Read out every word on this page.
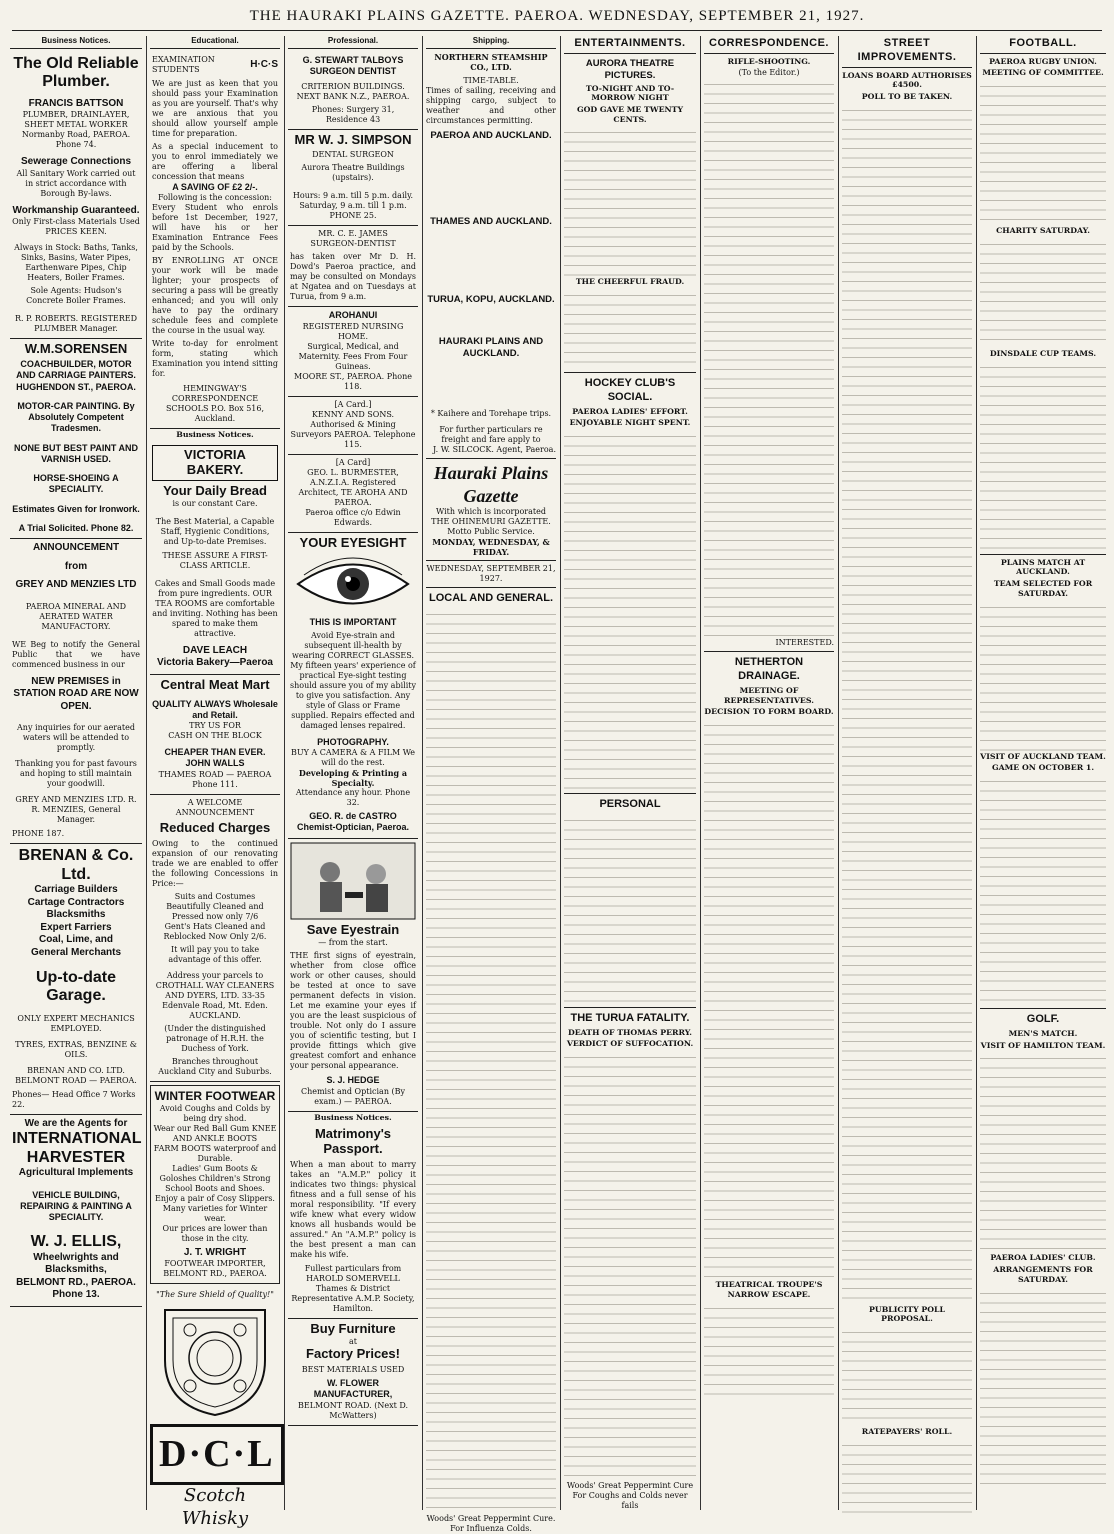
THE HAURAKI PLAINS GAZETTE. PAEROA. WEDNESDAY, SEPTEMBER 21, 1927.
Business Notices.
The Old Reliable Plumber.
FRANCIS BATTSON
PLUMBER, DRAINLAYER, SHEET METAL WORKER
Normanby Road, PAEROA. Phone 74.
Sewerage Connections
All Sanitary Work carried out in strict accordance with Borough By-laws.
Workmanship Guaranteed.
Only First-class Materials Used PRICES KEEN.
Always in Stock: Baths, Tanks, Sinks, Basins, Water Pipes, Earthenware Pipes, Chip Heaters, Boiler Frames.
Sole Agents: Hudson's Concrete Boiler Frames.
R. P. ROBERTS. REGISTERED PLUMBER Manager.
W.M.SORENSEN
COACHBUILDER, MOTOR AND CARRIAGE PAINTERS. HUGHENDON ST., PAEROA.
MOTOR-CAR PAINTING. By Absolutely Competent Tradesmen.
NONE BUT BEST PAINT AND VARNISH USED.
HORSE-SHOEING A SPECIALITY.
Estimates Given for Ironwork.
A Trial Solicited. Phone 82.
ANNOUNCEMENT
from
GREY AND MENZIES LTD
PAEROA MINERAL AND AERATED WATER MANUFACTORY.
WE Beg to notify the General Public that we have commenced business in our
NEW PREMISES in STATION ROAD ARE NOW OPEN.
Any inquiries for our aerated waters will be attended to promptly.
Thanking you for past favours and hoping to still maintain your goodwill.
GREY AND MENZIES LTD. R. R. MENZIES, General Manager.
PHONE 187.
BRENAN & Co. Ltd.
Carriage Builders
Cartage Contractors
Blacksmiths
Expert Farriers
Coal, Lime, and
General Merchants
Up-to-date Garage.
ONLY EXPERT MECHANICS EMPLOYED.
TYRES, EXTRAS, BENZINE & OILS.
BRENAN AND CO. LTD. BELMONT ROAD — PAEROA.
Phones— Head Office 7 Works 22.
We are the Agents for
INTERNATIONAL HARVESTER
Agricultural Implements
VEHICLE BUILDING, REPAIRING & PAINTING A SPECIALITY.
W. J. ELLIS,
Wheelwrights and Blacksmiths,
BELMONT RD., PAEROA. Phone 13.
Educational.
EXAMINATION STUDENTS	H·C·S
We are just as keen that you should pass your Examination as you are yourself. That's why we are anxious that you should allow yourself ample time for preparation.
As a special inducement to you to enrol immediately we are offering a liberal concession that means
A SAVING OF £2 2/-.
Following is the concession:
Every Student who enrols before 1st December, 1927, will have his or her Examination Entrance Fees paid by the Schools.
BY ENROLLING AT ONCE your work will be made lighter; your prospects of securing a pass will be greatly enhanced; and you will only have to pay the ordinary schedule fees and complete the course in the usual way.
Write to-day for enrolment form, stating which Examination you intend sitting for.
HEMINGWAY'S CORRESPONDENCE SCHOOLS P.O. Box 516, Auckland.
Business Notices.
VICTORIA BAKERY.
Your Daily Bread
is our constant Care.
The Best Material, a Capable Staff, Hygienic Conditions, and Up-to-date Premises.
THESE ASSURE A FIRST-CLASS ARTICLE.
Cakes and Small Goods made from pure ingredients. OUR TEA ROOMS are comfortable and inviting. Nothing has been spared to make them attractive.
DAVE LEACH
Victoria Bakery—Paeroa
Central Meat Mart
QUALITY ALWAYS Wholesale and Retail.
TRY US FOR
CASH ON THE BLOCK
CHEAPER THAN EVER.
JOHN WALLS
THAMES ROAD — PAEROA Phone 111.
A WELCOME ANNOUNCEMENT
Reduced Charges
Owing to the continued expansion of our renovating trade we are enabled to offer the following Concessions in Price:—
Suits and Costumes Beautifully Cleaned and Pressed now only 7/6
Gent's Hats Cleaned and Reblocked Now Only 2/6.
It will pay you to take advantage of this offer.
Address your parcels to CROTHALL WAY CLEANERS AND DYERS, LTD. 33-35 Edenvale Road, Mt. Eden. AUCKLAND.
(Under the distinguished patronage of H.R.H. the Duchess of York.
Branches throughout Auckland City and Suburbs.
WINTER FOOTWEAR
Avoid Coughs and Colds by being dry shod.
Wear our Red Ball Gum KNEE AND ANKLE BOOTS
FARM BOOTS waterproof and Durable.
Ladies' Gum Boots & Goloshes Children's Strong School Boots and Shoes.
Enjoy a pair of Cosy Slippers. Many varieties for Winter wear.
Our prices are lower than those in the city.
J. T. WRIGHT
FOOTWEAR IMPORTER, BELMONT RD., PAEROA.
"The Sure Shield of Quality!"
D·C·L
Scotch Whisky
Professional.
G. STEWART TALBOYS SURGEON DENTIST
CRITERION BUILDINGS. NEXT BANK N.Z., PAEROA.
Phones: Surgery 31, Residence 43
MR W. J. SIMPSON
DENTAL SURGEON
Aurora Theatre Buildings (upstairs).
Hours: 9 a.m. till 5 p.m. daily. Saturday, 9 a.m. till 1 p.m. PHONE 25.
MR. C. E. JAMES
SURGEON-DENTIST
has taken over Mr D. H. Dowd's Paeroa practice, and may be consulted on Mondays at Ngatea and on Tuesdays at Turua, from 9 a.m.
AROHANUI
REGISTERED NURSING HOME.
Surgical, Medical, and Maternity. Fees From Four Guineas.
MOORE ST., PAEROA. Phone 118.
[A Card.]
KENNY AND SONS. Authorised & Mining Surveyors PAEROA. Telephone 115.
[A Card]
GEO. L. BURMESTER, A.N.Z.I.A. Registered Architect, TE AROHA AND PAEROA.
Paeroa office c/o Edwin Edwards.
YOUR EYESIGHT
THIS IS IMPORTANT
Avoid Eye-strain and subsequent ill-health by wearing CORRECT GLASSES. My fifteen years' experience of practical Eye-sight testing should assure you of my ability to give you satisfaction. Any style of Glass or Frame supplied. Repairs effected and damaged lenses repaired.
PHOTOGRAPHY.
BUY A CAMERA & A FILM We will do the rest.
Developing & Printing a Specialty.
Attendance any hour. Phone 32.
GEO. R. de CASTRO
Chemist-Optician, Paeroa.
Save Eyestrain
— from the start.
THE first signs of eyestrain, whether from close office work or other causes, should be tested at once to save permanent defects in vision. Let me examine your eyes if you are the least suspicious of trouble. Not only do I assure you of scientific testing, but I provide fittings which give greatest comfort and enhance your personal appearance.
S. J. HEDGE
Chemist and Optician (By exam.) — PAEROA.
Business Notices.
Matrimony's
Passport.
When a man about to marry takes an "A.M.P." policy it indicates two things: physical fitness and a full sense of his moral responsibility. "If every wife knew what every widow knows all husbands would be assured." An "A.M.P." policy is the best present a man can make his wife.
Fullest particulars from HAROLD SOMERVELL Thames & District Representative A.M.P. Society, Hamilton.
Buy Furniture
at
Factory Prices!
BEST MATERIALS USED
W. FLOWER
MANUFACTURER,
BELMONT ROAD. (Next D. McWatters)
Shipping.
NORTHERN STEAMSHIP CO., LTD.
TIME-TABLE.
Times of sailing, receiving and shipping cargo, subject to weather and other circumstances permitting.
PAEROA AND AUCKLAND.
THAMES AND AUCKLAND.
TURUA, KOPU, AUCKLAND.
HAURAKI PLAINS AND AUCKLAND.
* Kaihere and Torehape trips.
For further particulars re freight and fare apply to
J. W. SILCOCK. Agent, Paeroa.
Hauraki Plains Gazette
With which is incorporated THE OHINEMURI GAZETTE.
Motto Public Service.
MONDAY, WEDNESDAY, & FRIDAY.
WEDNESDAY, SEPTEMBER 21, 1927.
LOCAL AND GENERAL.
Woods' Great Peppermint Cure. For Influenza Colds.
ENTERTAINMENTS.
AURORA THEATRE PICTURES.
TO-NIGHT AND TO-MORROW NIGHT
GOD GAVE ME TWENTY CENTS.
THE CHEERFUL FRAUD.
HOCKEY CLUB'S SOCIAL.
PAEROA LADIES' EFFORT.
ENJOYABLE NIGHT SPENT.
PERSONAL
THE TURUA FATALITY.
DEATH OF THOMAS PERRY.
VERDICT OF SUFFOCATION.
Woods' Great Peppermint Cure For Coughs and Colds never fails
CORRESPONDENCE.
RIFLE-SHOOTING.
(To the Editor.)
INTERESTED.
NETHERTON DRAINAGE.
MEETING OF REPRESENTATIVES.
DECISION TO FORM BOARD.
THEATRICAL TROUPE'S NARROW ESCAPE.
STREET IMPROVEMENTS.
LOANS BOARD AUTHORISES £4500.
POLL TO BE TAKEN.
PUBLICITY POLL PROPOSAL.
RATEPAYERS' ROLL.
FOOTBALL.
PAEROA RUGBY UNION.
MEETING OF COMMITTEE.
CHARITY SATURDAY.
DINSDALE CUP TEAMS.
PLAINS MATCH AT AUCKLAND.
TEAM SELECTED FOR SATURDAY.
VISIT OF AUCKLAND TEAM.
GAME ON OCTOBER 1.
GOLF.
MEN'S MATCH.
VISIT OF HAMILTON TEAM.
PAEROA LADIES' CLUB.
ARRANGEMENTS FOR SATURDAY.
